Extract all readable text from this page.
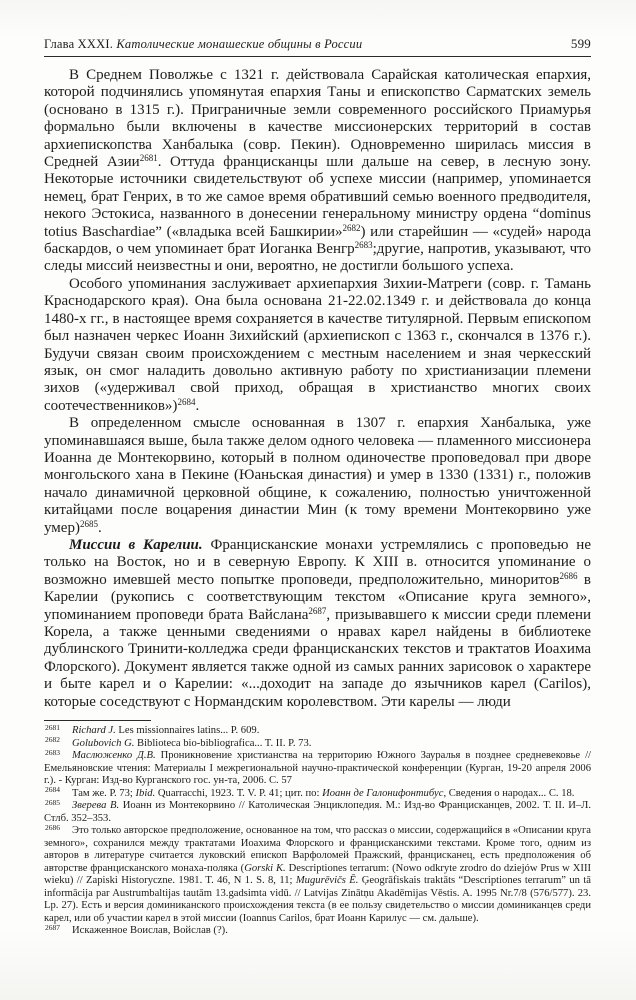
Глава XXXI. Католические монашеские общины в России	599

В Среднем Поволжье с 1321 г. действовала Сарайская католическая епархия, которой подчинялись упомянутая епархия Таны и епископство Сарматских земель (основано в 1315 г.). Приграничные земли современного российского Приамурья формально были включены в качестве миссионерских территорий в состав архиепископства Ханбалыка (совр. Пекин). Одновременно ширилась миссия в Средней Азии$^{2681}$. Оттуда францисканцы шли дальше на север, в лесную зону. Некоторые источники свидетельствуют об успехе миссии (например, упоминается немец, брат Генрих, в то же самое время обративший семью военного предводителя, некого Эстокиса, названного в донесении генеральному министру ордена “dominus totius Baschardiae” («владыка всей Башкирии»$^{2682}$) или старейшин — «судей» народа баскардов, о чем упоминает брат Иоганка Венгр$^{2683}$;другие, напротив, указывают, что следы миссий неизвестны и они, вероятно, не достигли большого успеха.

Особого упоминания заслуживает архиепархия Зихии-Матреги (совр. г. Тамань Краснодарского края). Она была основана 21-22.02.1349 г. и действовала до конца 1480-х гг., в настоящее время сохраняется в качестве титулярной. Первым епископом был назначен черкес Иоанн Зихийский (архиепископ с 1363 г., скончался в 1376 г.). Будучи связан своим происхождением с местным населением и зная черкесский язык, он смог наладить довольно активную работу по христианизации племени зихов («удерживал свой приход, обращая в христианство многих своих соотечественников»)$^{2684}$.

В определенном смысле основанная в 1307 г. епархия Ханбалыка, уже упоминавшаяся выше, была также делом одного человека — пламенного миссионера Иоанна де Монтекорвино, который в полном одиночестве проповедовал при дворе монгольского хана в Пекине (Юаньская династия) и умер в 1330 (1331) г., положив начало динамичной церковной общине, к сожалению, полностью уничтоженной китайцами после воцарения династии Мин (к тому времени Монтекорвино уже умер)$^{2685}$.

Миссии в Карелии. Францисканские монахи устремлялись с проповедью не только на Восток, но и в северную Европу. К XIII в. относится упоминание о возможно имевшей место попытке проповеди, предположительно, миноритов$^{2686}$ в Карелии (рукопись с соответствующим текстом «Описание круга земного», упоминанием проповеди брата Вайслана$^{2687}$, призывавшего к миссии среди племени Корела, а также ценными сведениями о нравах карел найдены в библиотеке дублинского Тринити-колледжа среди францисканских текстов и трактатов Иоахима Флорского). Документ является также одной из самых ранних зарисовок о характере и быте карел и о Карелии: «...доходит на западе до язычников карел (Carilos), которые соседствуют с Нормандским королевством. Эти карелы — люди

$^{2681}$ Richard J. Les missionnaires latins... P. 609.
$^{2682}$ Golubovich G. Biblioteca bio-bibliografica... T. II. P. 73.
$^{2683}$ Маслюженко Д.В. Проникновение христианства на территорию Южного Зауралья в позднее средневековье // Емельяновские чтения: Материалы I межрегиональной научно-практической конференции (Курган, 19-20 апреля 2006 г.). - Курган: Изд-во Курганского гос. ун-та, 2006. С. 57
$^{2684}$ Там же. Р. 73; Ibid. Quarracchi, 1923. Т. V. Р. 41; цит. по: Иоанн де Галонифонтибус, Сведения о народах... С. 18.
$^{2685}$ Зверева В. Иоанн из Монтекорвино // Католическая Энциклопедия. М.: Изд-во Францисканцев, 2002. Т. II. И–Л. Стлб. 352–353.
$^{2686}$ Это только авторское предположение, основанное на том, что рассказ о миссии, содержащийся в «Описании круга земного», сохранился между трактатами Иоахима Флорского и францисканскими текстами. Кроме того, одним из авторов в литературе считается луковский епископ Варфоломей Пражский, францисканец, есть предположения об авторстве францисканского монаха-поляка (Gorski K. Descriptiones terrarum: (Nowo odkryte zrodro do dziejów Prus w XIII wieku) // Zapiski Historyczne. 1981. T. 46, N 1. S. 8, 11; Mugurēvičs Ē. Ģeogrāfiskais traktāts “Descriptiones terrarum” un tā informācija par Austrumbaltijas tautām 13.gadsimta vidū. // Latvijas Zinātņu Akadēmijas Vēstis. A. 1995 Nr.7/8 (576/577). 23. Lp. 27). Есть и версия доминиканского происхождения текста (в ее пользу свидетельство о миссии доминиканцев среди карел, или об участии карел в этой миссии (Ioannus Carilos, брат Иоанн Карилус — см. дальше).
$^{2687}$ Искаженное Воислав, Войслав (?).
